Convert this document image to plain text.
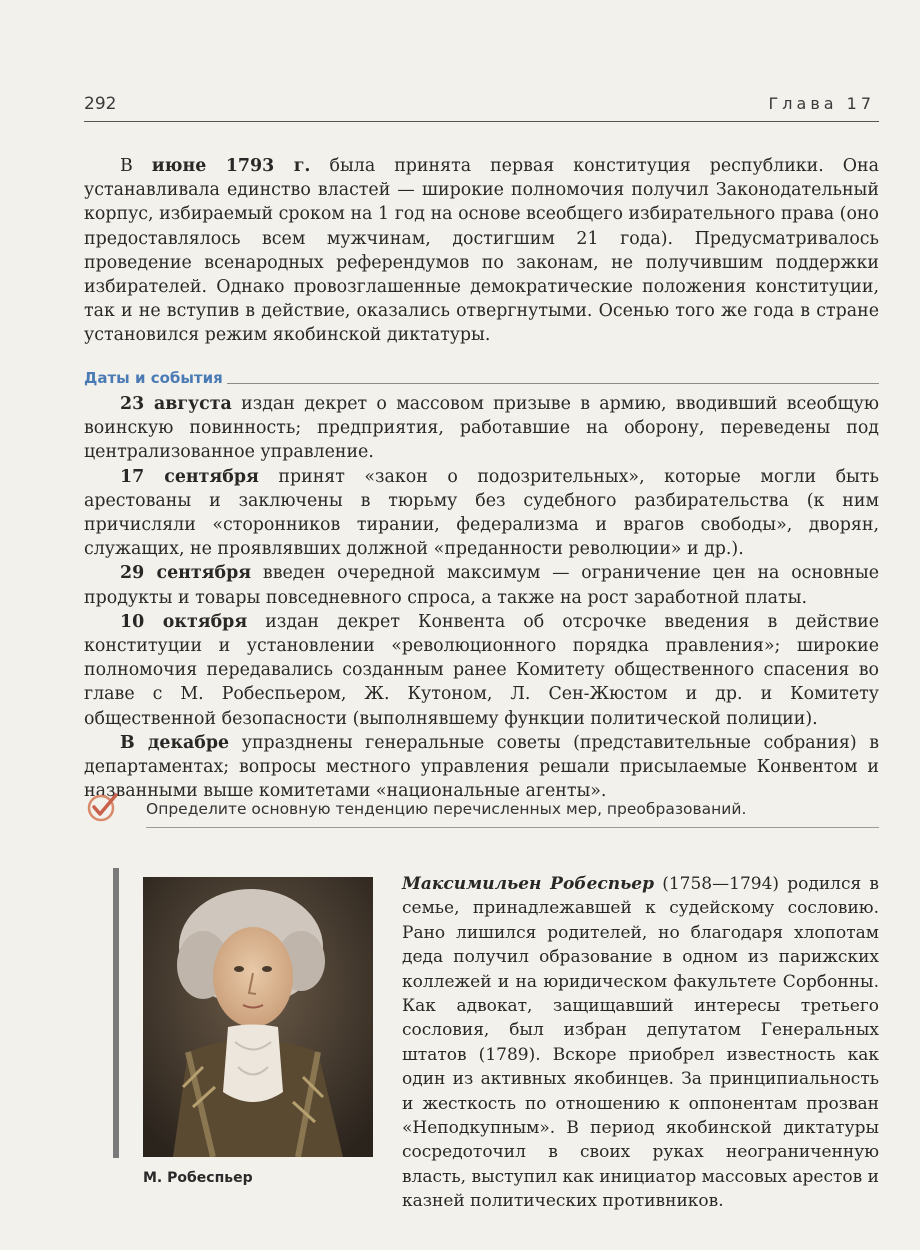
292	Глава 17

В июне 1793 г. была принята первая конституция республики. Она устанавливала единство властей — широкие полномочия получил Законодательный корпус, избираемый сроком на 1 год на основе всеобщего избирательного права (оно предоставлялось всем мужчинам, достигшим 21 года). Предусматривалось проведение всенародных референдумов по законам, не получившим поддержки избирателей. Однако провозглашенные демократические положения конституции, так и не вступив в действие, оказались отвергнутыми. Осенью того же года в стране установился режим якобинской диктатуры.

Даты и события

23 августа издан декрет о массовом призыве в армию, вводивший всеобщую воинскую повинность; предприятия, работавшие на оборону, переведены под централизованное управление.

17 сентября принят «закон о подозрительных», которые могли быть арестованы и заключены в тюрьму без судебного разбирательства (к ним причисляли «сторонников тирании, федерализма и врагов свободы», дворян, служащих, не проявлявших должной «преданности революции» и др.).

29 сентября введен очередной максимум — ограничение цен на основные продукты и товары повседневного спроса, а также на рост заработной платы.

10 октября издан декрет Конвента об отсрочке введения в действие конституции и установлении «революционного порядка правления»; широкие полномочия передавались созданным ранее Комитету общественного спасения во главе с М. Робеспьером, Ж. Кутоном, Л. Сен-Жюстом и др. и Комитету общественной безопасности (выполнявшему функции политической полиции).

В декабре упразднены генеральные советы (представительные собрания) в департаментах; вопросы местного управления решали присылаемые Конвентом и названными выше комитетами «национальные агенты».

Определите основную тенденцию перечисленных мер, преобразований.
М. Робеспьер

Максимильен Робеспьер (1758—1794) родился в семье, принадлежавшей к судейскому сословию. Рано лишился родителей, но благодаря хлопотам деда получил образование в одном из парижских коллежей и на юридическом факультете Сорбонны. Как адвокат, защищавший интересы третьего сословия, был избран депутатом Генеральных штатов (1789). Вскоре приобрел известность как один из активных якобинцев. За принципиальность и жесткость по отношению к оппонентам прозван «Неподкупным». В период якобинской диктатуры сосредоточил в своих руках неограниченную власть, выступил как инициатор массовых арестов и казней политических противников.
